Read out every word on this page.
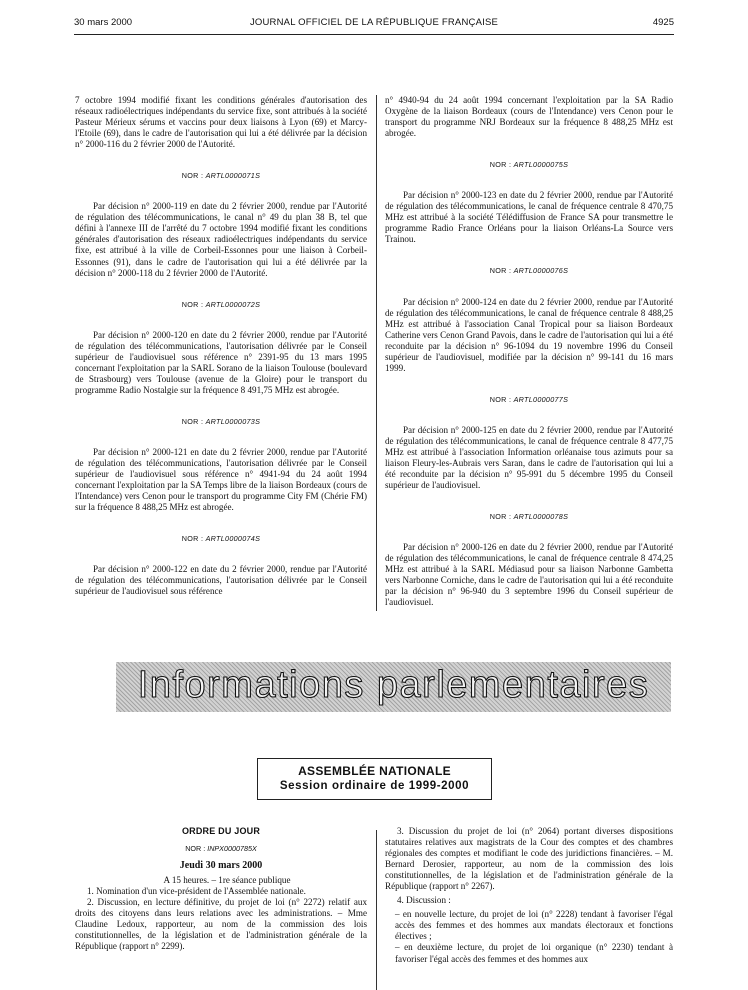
30 mars 2000	JOURNAL OFFICIEL DE LA RÉPUBLIQUE FRANÇAISE	4925

7 octobre 1994 modifié fixant les conditions générales d'autorisation des réseaux radioélectriques indépendants du service fixe, sont attribués à la société Pasteur Mérieux sérums et vaccins pour deux liaisons à Lyon (69) et Marcy-l'Etoile (69), dans le cadre de l'autorisation qui lui a été délivrée par la décision n° 2000-116 du 2 février 2000 de l'Autorité.

NOR : ARTL0000071S

Par décision n° 2000-119 en date du 2 février 2000, rendue par l'Autorité de régulation des télécommunications, le canal n° 49 du plan 38 B, tel que défini à l'annexe III de l'arrêté du 7 octobre 1994 modifié fixant les conditions générales d'autorisation des réseaux radioélectriques indépendants du service fixe, est attribué à la ville de Corbeil-Essonnes pour une liaison à Corbeil-Essonnes (91), dans le cadre de l'autorisation qui lui a été délivrée par la décision n° 2000-118 du 2 février 2000 de l'Autorité.

NOR : ARTL0000072S

Par décision n° 2000-120 en date du 2 février 2000, rendue par l'Autorité de régulation des télécommunications, l'autorisation délivrée par le Conseil supérieur de l'audiovisuel sous référence n° 2391-95 du 13 mars 1995 concernant l'exploitation par la SARL Sorano de la liaison Toulouse (boulevard de Strasbourg) vers Toulouse (avenue de la Gloire) pour le transport du programme Radio Nostalgie sur la fréquence 8 491,75 MHz est abrogée.

NOR : ARTL0000073S

Par décision n° 2000-121 en date du 2 février 2000, rendue par l'Autorité de régulation des télécommunications, l'autorisation délivrée par le Conseil supérieur de l'audiovisuel sous référence n° 4941-94 du 24 août 1994 concernant l'exploitation par la SA Temps libre de la liaison Bordeaux (cours de l'Intendance) vers Cenon pour le transport du programme City FM (Chérie FM) sur la fréquence 8 488,25 MHz est abrogée.

NOR : ARTL0000074S

Par décision n° 2000-122 en date du 2 février 2000, rendue par l'Autorité de régulation des télécommunications, l'autorisation délivrée par le Conseil supérieur de l'audiovisuel sous référence

n° 4940-94 du 24 août 1994 concernant l'exploitation par la SA Radio Oxygène de la liaison Bordeaux (cours de l'Intendance) vers Cenon pour le transport du programme NRJ Bordeaux sur la fréquence 8 488,25 MHz est abrogée.

NOR : ARTL0000075S

Par décision n° 2000-123 en date du 2 février 2000, rendue par l'Autorité de régulation des télécommunications, le canal de fréquence centrale 8 470,75 MHz est attribué à la société Télédiffusion de France SA pour transmettre le programme Radio France Orléans pour la liaison Orléans-La Source vers Trainou.

NOR : ARTL0000076S

Par décision n° 2000-124 en date du 2 février 2000, rendue par l'Autorité de régulation des télécommunications, le canal de fréquence centrale 8 488,25 MHz est attribué à l'association Canal Tropical pour sa liaison Bordeaux Catherine vers Cenon Grand Pavois, dans le cadre de l'autorisation qui lui a été reconduite par la décision n° 96-1094 du 19 novembre 1996 du Conseil supérieur de l'audiovisuel, modifiée par la décision n° 99-141 du 16 mars 1999.

NOR : ARTL0000077S

Par décision n° 2000-125 en date du 2 février 2000, rendue par l'Autorité de régulation des télécommunications, le canal de fréquence centrale 8 477,75 MHz est attribué à l'association Information orléanaise tous azimuts pour sa liaison Fleury-les-Aubrais vers Saran, dans le cadre de l'autorisation qui lui a été reconduite par la décision n° 95-991 du 5 décembre 1995 du Conseil supérieur de l'audiovisuel.

NOR : ARTL0000078S

Par décision n° 2000-126 en date du 2 février 2000, rendue par l'Autorité de régulation des télécommunications, le canal de fréquence centrale 8 474,25 MHz est attribué à la SARL Médiasud pour sa liaison Narbonne Gambetta vers Narbonne Corniche, dans le cadre de l'autorisation qui lui a été reconduite par la décision n° 96-940 du 3 septembre 1996 du Conseil supérieur de l'audiovisuel.

Informations parlementaires
ASSEMBLÉE NATIONALE
Session ordinaire de 1999-2000
ORDRE DU JOUR
NOR : INPX0000785X
Jeudi 30 mars 2000

A 15 heures. – 1re séance publique

1. Nomination d'un vice-président de l'Assemblée nationale.

2. Discussion, en lecture définitive, du projet de loi (n° 2272) relatif aux droits des citoyens dans leurs relations avec les administrations. – Mme Claudine Ledoux, rapporteur, au nom de la commission des lois constitutionnelles, de la législation et de l'administration générale de la République (rapport n° 2299).

3. Discussion du projet de loi (n° 2064) portant diverses dispositions statutaires relatives aux magistrats de la Cour des comptes et des chambres régionales des comptes et modifiant le code des juridictions financières. – M. Bernard Derosier, rapporteur, au nom de la commission des lois constitutionnelles, de la législation et de l'administration générale de la République (rapport n° 2267).

4. Discussion :

– en nouvelle lecture, du projet de loi (n° 2228) tendant à favoriser l'égal accès des femmes et des hommes aux mandats électoraux et fonctions électives ;

– en deuxième lecture, du projet de loi organique (n° 2230) tendant à favoriser l'égal accès des femmes et des hommes aux
